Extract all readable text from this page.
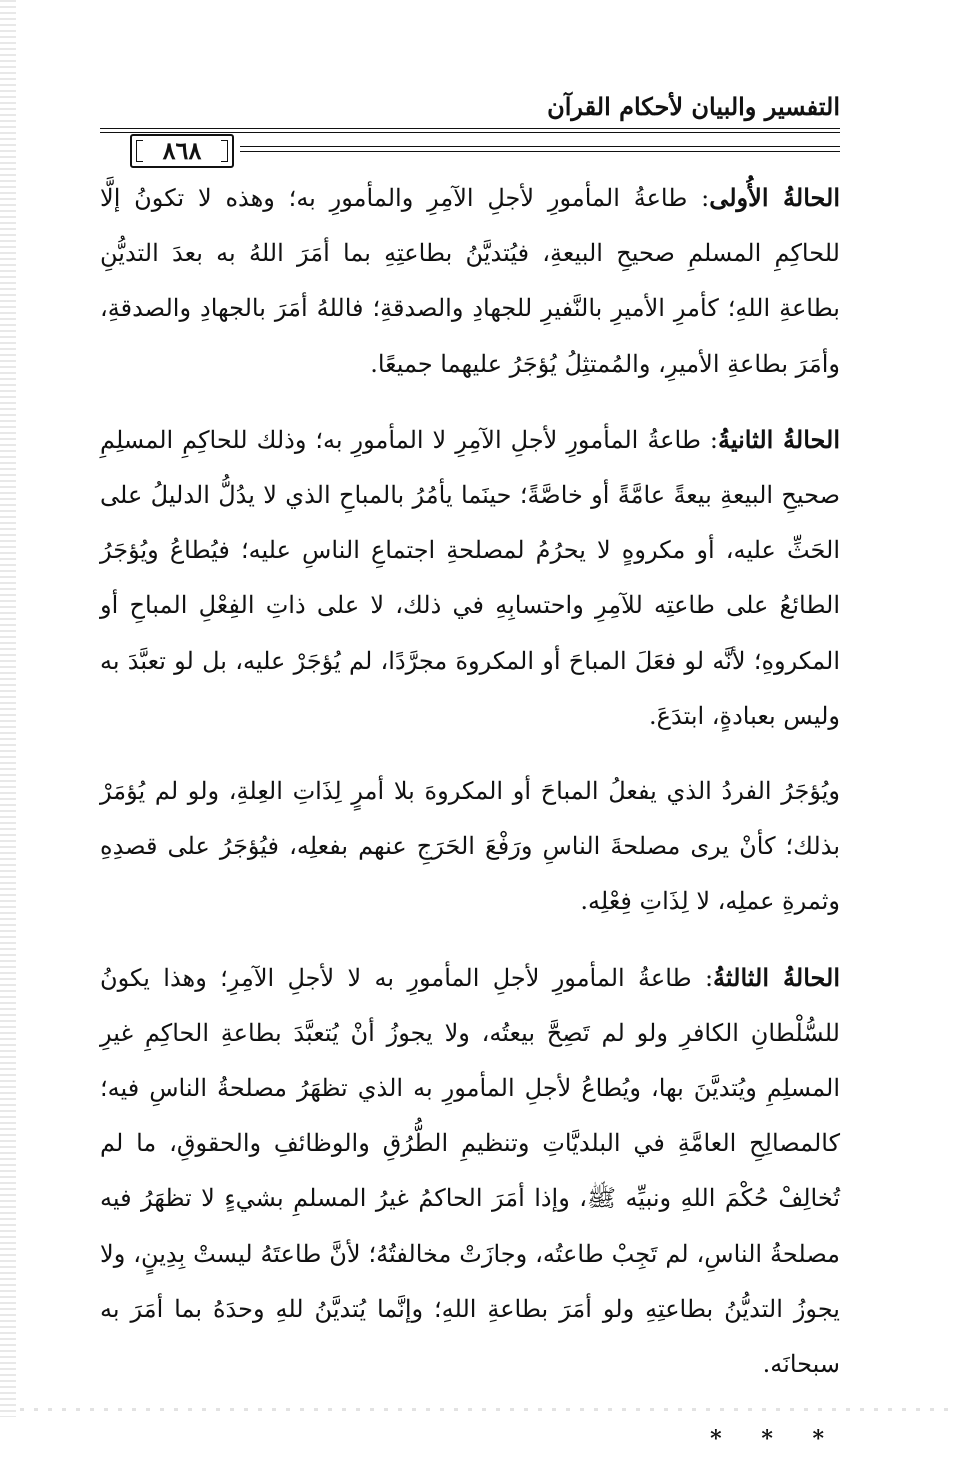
التفسير والبيان لأحكام القرآن
٨٦٨

الحالةُ الأُولى: طاعةُ المأمورِ لأجلِ الآمِرِ والمأمورِ به؛ وهذه لا تكونُ إلَّا للحاكِمِ المسلمِ صحيحِ البيعةِ، فيُتديَّنُ بطاعتِهِ بما أمَرَ اللهُ به بعدَ التديُّنِ بطاعةِ اللهِ؛ كأمرِ الأميرِ بالنَّفيرِ للجهادِ والصدقةِ؛ فاللهُ أمَرَ بالجهادِ والصدقةِ، وأمَرَ بطاعةِ الأميرِ، والمُمتثِلُ يُؤجَرُ عليهما جميعًا.

الحالةُ الثانيةُ: طاعةُ المأمورِ لأجلِ الآمِرِ لا المأمورِ به؛ وذلك للحاكِمِ المسلِمِ صحيحِ البيعةِ بيعةً عامَّةً أو خاصَّةً؛ حينَما يأمُرُ بالمباحِ الذي لا يدُلُّ الدليلُ على الحَثِّ عليه، أو مكروهٍ لا يحرُمُ لمصلحةِ اجتماعِ الناسِ عليه؛ فيُطاعُ ويُؤجَرُ الطائعُ على طاعتِه للآمِرِ واحتسابِهِ في ذلك، لا على ذاتِ الفِعْلِ المباحِ أو المكروهِ؛ لأنَّه لو فعَلَ المباحَ أو المكروهَ مجرَّدًا، لم يُؤجَرْ عليه، بل لو تعبَّدَ به وليس بعبادةٍ، ابتدَعَ.

ويُؤجَرُ الفردُ الذي يفعلُ المباحَ أو المكروهَ بلا أمرٍ لِذَاتِ العِلةِ، ولو لم يُؤمَرْ بذلك؛ كأنْ يرى مصلحةَ الناسِ ورَفْعَ الحَرَجِ عنهم بفعلِه، فيُؤجَرُ على قصدِهِ وثمرةِ عملِه، لا لِذَاتِ فِعْلِه.

الحالةُ الثالثةُ: طاعةُ المأمورِ لأجلِ المأمورِ به لا لأجلِ الآمِرِ؛ وهذا يكونُ للسُّلْطانِ الكافرِ ولو لم تَصِحَّ بيعتُه، ولا يجوزُ أنْ يُتعبَّدَ بطاعةِ الحاكِمِ غيرِ المسلِمِ ويُتديَّنَ بها، ويُطاعُ لأجلِ المأمورِ به الذي تظهَرُ مصلحةُ الناسِ فيه؛ كالمصالِحِ العامَّةِ في البلديَّاتِ وتنظيمِ الطُّرُقِ والوظائفِ والحقوقِ، ما لم تُخالِفْ حُكْمَ اللهِ ونبيِّه ﷺ، وإذا أمَرَ الحاكمُ غيرُ المسلمِ بشيءٍ لا تظهَرُ فيه مصلحةُ الناسِ، لم تَجِبْ طاعتُه، وجازَتْ مخالفتُهُ؛ لأنَّ طاعتَهُ ليستْ بِدِينٍ، ولا يجوزُ التديُّنُ بطاعتِهِ ولو أمَرَ بطاعةِ اللهِ؛ وإنَّما يُتديَّنُ للهِ وحدَهُ بما أمَرَ به سبحانَه.

* * *
